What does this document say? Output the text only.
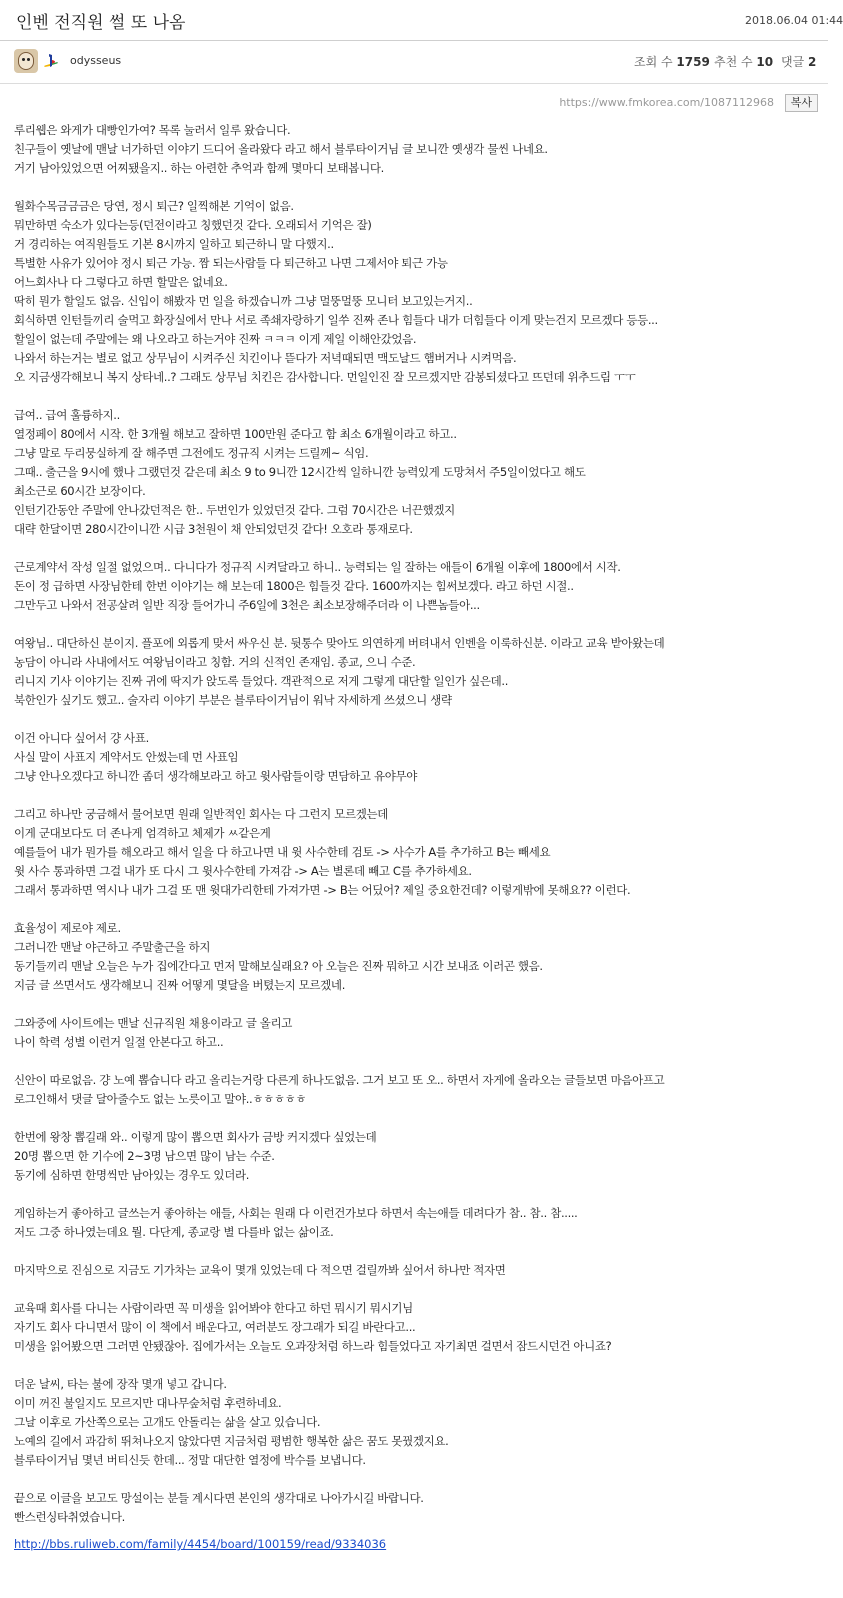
인벤 전직원 썰 또 나옴	2018.06.04 01:44
odysseus	조회 수 1759 추천 수 10 댓글 2
https://www.fmkorea.com/1087112968	복사

루리웹은 와게가 대빵인가여? 목록 눌러서 일루 왔습니다.

친구들이 옛날에 맨날 너가하던 이야기 드디어 올라왔다 라고 해서 블루타이거님 글 보니깐 옛생각 물씬 나네요.

거기 남아있었으면 어찌됐을지.. 하는 아련한 추억과 함께 몇마디 보태봅니다.

월화수목금금금은 당연, 정시 퇴근? 일찍해본 기억이 없음.

뭐만하면 숙소가 있다는등(던전이라고 칭했던것 같다. 오래되서 기억은 잘)

거 경리하는 여직원들도 기본 8시까지 일하고 퇴근하니 말 다했지..

특별한 사유가 있어야 정시 퇴근 가능. 짬 되는사람들 다 퇴근하고 나면 그제서야 퇴근 가능

어느회사나 다 그렇다고 하면 할말은 없네요.

딱히 뭔가 할일도 없음. 신입이 해봤자 먼 일을 하겠습니까 그냥 멀뚱멀뚱 모니터 보고있는거지..

회식하면 인턴들끼리 술먹고 화장실에서 만나 서로 족쇄자랑하기 일쑤 진짜 존나 힘들다 내가 더힘들다 이게 맞는건지 모르겠다 등등...

할일이 없는데 주말에는 왜 나오라고 하는거야 진짜 ㅋㅋㅋ 이게 제일 이해안갔었음.

나와서 하는거는 별로 없고 상무님이 시켜주신 치킨이나 뜯다가 저녁때되면 맥도날드 햄버거나 시켜먹음.

오 지금생각해보니 복지 상타네..? 그래도 상무님 치킨은 감사합니다. 먼일인진 잘 모르겠지만 감봉되셨다고 뜨던데 위추드림 ㅜㅜ

급여.. 급여 훌륭하지..

열정페이 80에서 시작. 한 3개월 해보고 잘하면 100만원 준다고 함 최소 6개월이라고 하고..

그냥 말로 두리뭉실하게 잘 해주면 그전에도 정규직 시켜는 드릴께~ 식임.

그때.. 출근을 9시에 했나 그랬던것 같은데 최소 9 to 9니깐 12시간씩 일하니깐 능력있게 도망쳐서 주5일이었다고 해도

최소근로 60시간 보장이다.

인턴기간동안 주말에 안나갔던적은 한.. 두번인가 있었던것 같다. 그럼 70시간은 너끈했겠지

대략 한달이면 280시간이니깐 시급 3천원이 채 안되었던것 같다! 오호라 통재로다.

근로계약서 작성 일절 없었으며.. 다니다가 정규직 시켜달라고 하니.. 능력되는 일 잘하는 애들이 6개월 이후에 1800에서 시작.

돈이 정 급하면 사장님한테 한번 이야기는 해 보는데 1800은 힘들것 같다. 1600까지는 힘써보겠다. 라고 하던 시절..

그만두고 나와서 전공살려 일반 직장 들어가니 주6일에 3천은 최소보장해주더라 이 나쁜놈들아...

여왕님.. 대단하신 분이지. 플포에 외롭게 맞서 싸우신 분. 뒷통수 맞아도 의연하게 버텨내서 인벤을 이룩하신분. 이라고 교육 받아왔는데

농담이 아니라 사내에서도 여왕님이라고 칭함. 거의 신적인 존재임. 종교, 으니 수준.

리니지 기사 이야기는 진짜 귀에 딱지가 앉도록 들었다. 객관적으로 저게 그렇게 대단할 일인가 싶은데..

북한인가 싶기도 했고.. 술자리 이야기 부분은 블루타이거님이 워낙 자세하게 쓰셨으니 생략

이건 아니다 싶어서 걍 사표.

사실 말이 사표지 계약서도 안썼는데 먼 사표임

그냥 안나오겠다고 하니깐 좀더 생각해보라고 하고 윗사람들이랑 면담하고 유야무야

그리고 하나만 궁금해서 물어보면 원래 일반적인 회사는 다 그런지 모르겠는데

이게 군대보다도 더 존나게 엄격하고 체제가 ㅆ같은게

예를들어 내가 뭔가를 해오라고 해서 일을 다 하고나면 내 윗 사수한테 검토 -> 사수가 A를 추가하고 B는 빼세요

윗 사수 통과하면 그걸 내가 또 다시 그 윗사수한테 가져감 -> A는 별론데 빼고 C를 추가하세요.

그래서 통과하면 역시나 내가 그걸 또 맨 윗대가리한테 가져가면 -> B는 어딨어? 제일 중요한건데? 이렇게밖에 못해요?? 이런다.

효율성이 제로야 제로.

그러니깐 맨날 야근하고 주말출근을 하지

동기들끼리 맨날 오늘은 누가 집에간다고 먼저 말해보실래요? 아 오늘은 진짜 뭐하고 시간 보내죠 이러곤 했음.

지금 글 쓰면서도 생각해보니 진짜 어떻게 몇달을 버텼는지 모르겠네.

그와중에 사이트에는 맨날 신규직원 채용이라고 글 올리고

나이 학력 성별 이런거 일절 안본다고 하고..

신안이 따로없음. 걍 노예 뽑습니다 라고 올리는거랑 다른게 하나도없음. 그거 보고 또 오.. 하면서 자게에 올라오는 글들보면 마음아프고

로그인해서 댓글 달아줄수도 없는 노릇이고 말야..ㅎㅎㅎㅎㅎ

한번에 왕창 뽑길래 와.. 이렇게 많이 뽑으면 회사가 금방 커지겠다 싶었는데

20명 뽑으면 한 기수에 2~3명 남으면 많이 남는 수준.

동기에 심하면 한명씩만 남아있는 경우도 있더라.

게임하는거 좋아하고 글쓰는거 좋아하는 애들, 사회는 원래 다 이런건가보다 하면서 속는애들 데려다가 참.. 참.. 참.....

저도 그중 하나였는데요 뭘. 다단계, 종교랑 별 다를바 없는 삶이죠.

마지막으로 진심으로 지금도 기가차는 교육이 몇개 있었는데 다 적으면 걸릴까봐 싶어서 하나만 적자면

교육때 회사를 다니는 사람이라면 꼭 미생을 읽어봐야 한다고 하던 뭐시기 뭐시기님

자기도 회사 다니면서 많이 이 책에서 배운다고, 여러분도 장그래가 되길 바란다고...

미생을 읽어봤으면 그러면 안됐잖아. 집에가서는 오늘도 오과장처럼 하느라 힘들었다고 자기최면 걸면서 잠드시던건 아니죠?

더운 날씨, 타는 불에 장작 몇개 넣고 갑니다.

이미 꺼진 불일지도 모르지만 대나무숲처럼 후련하네요.

그날 이후로 가산쪽으로는 고개도 안돌리는 삶을 살고 있습니다.

노예의 길에서 과감히 뛰쳐나오지 않았다면 지금처럼 평범한 행복한 삶은 꿈도 못꿨겠지요.

블루타이거님 몇년 버티신듯 한데... 정말 대단한 열정에 박수를 보냅니다.

끝으로 이글을 보고도 망설이는 분들 계시다면 본인의 생각대로 나아가시길 바랍니다.

빤스런싱타취였습니다.

http://bbs.ruliweb.com/family/4454/board/100159/read/9334036
